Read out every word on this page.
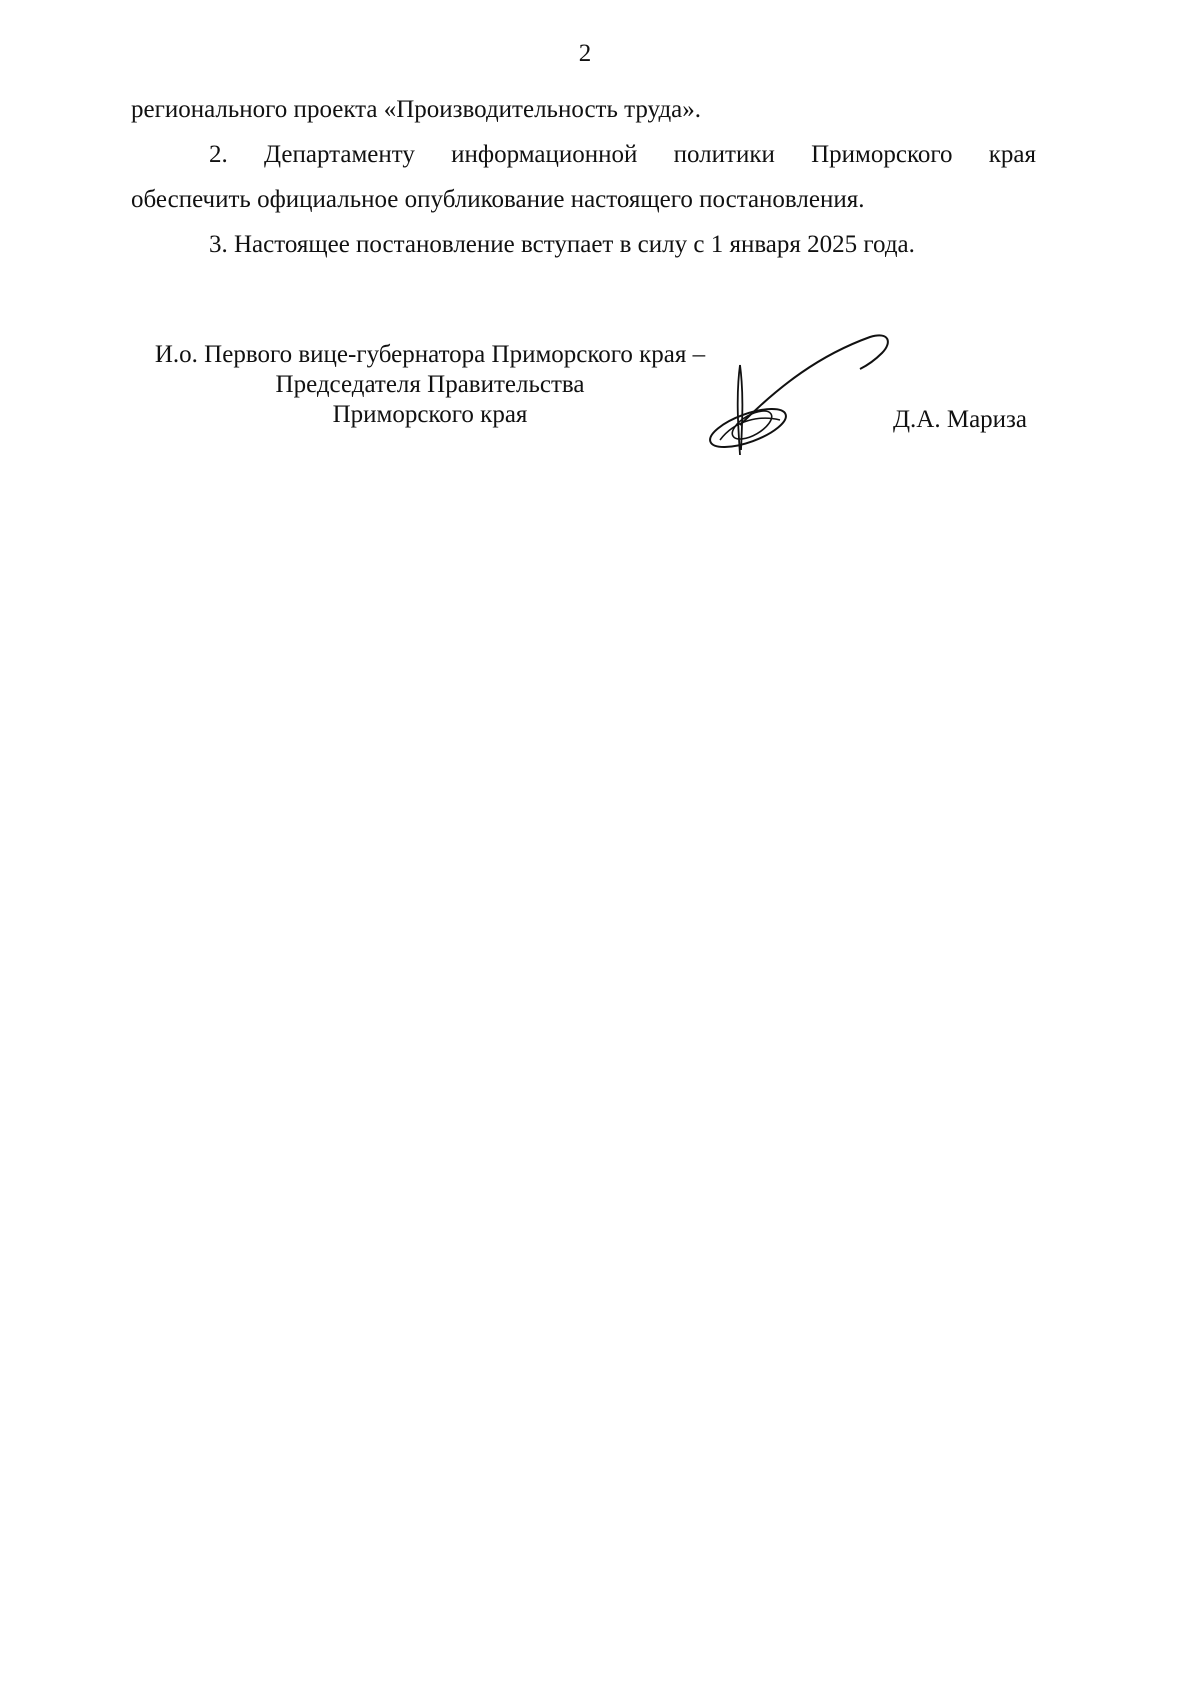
2
регионального проекта «Производительность труда».
2. Департаменту информационной политики Приморского края
обеспечить официальное опубликование настоящего постановления.
3. Настоящее постановление вступает в силу с 1 января 2025 года.
И.о. Первого вице-губернатора Приморского края –
Председателя Правительства
Приморского края	Д.А. Мариза
